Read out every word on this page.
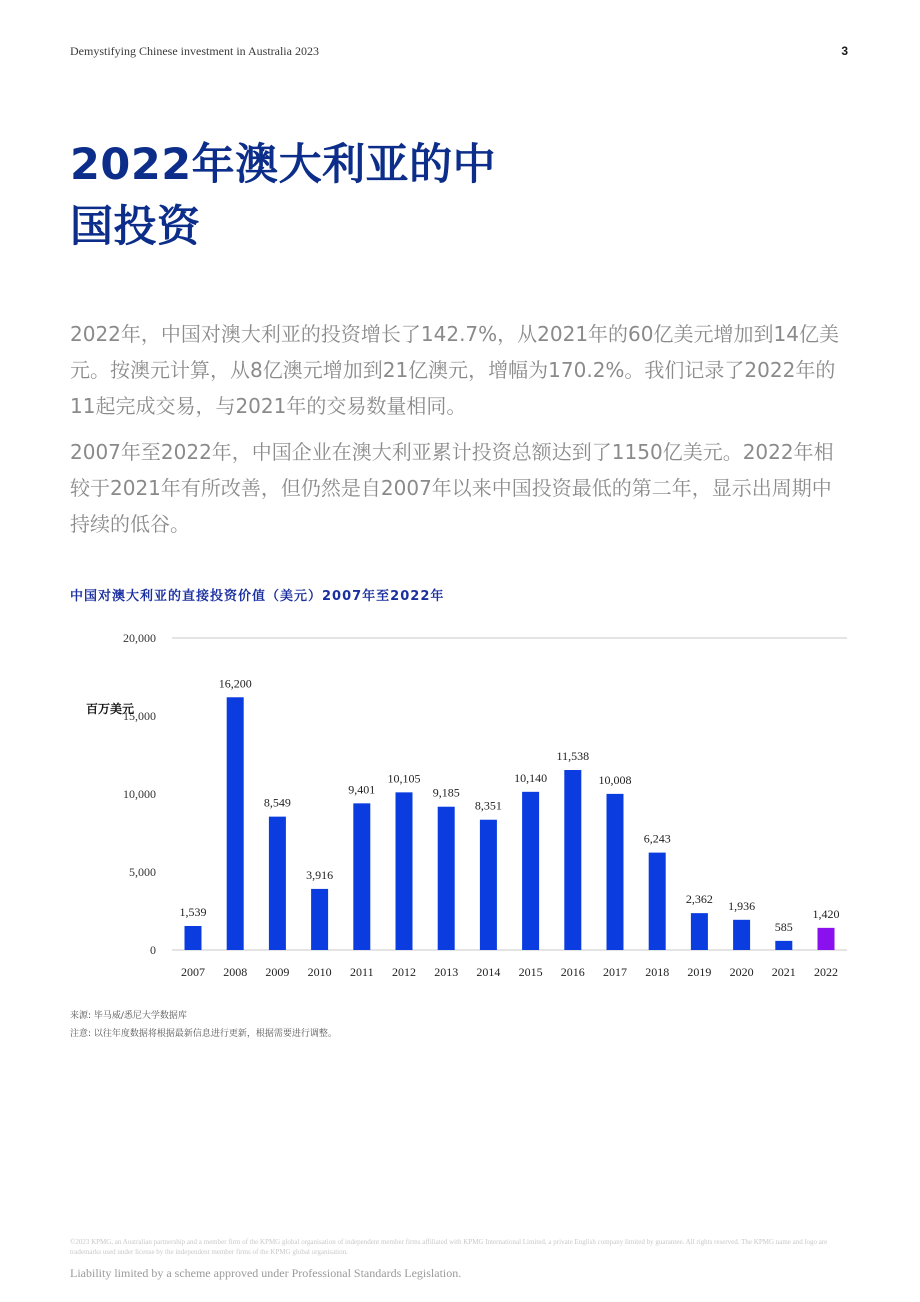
Demystifying Chinese investment in Australia 2023	3
2022年澳大利亚的中国投资
2022年，中国对澳大利亚的投资增长了142.7%，从2021年的60亿美元增加到14亿美元。按澳元计算，从8亿澳元增加到21亿澳元，增幅为170.2%。我们记录了2022年的11起完成交易，与2021年的交易数量相同。
2007年至2022年，中国企业在澳大利亚累计投资总额达到了1150亿美元。2022年相较于2021年有所改善，但仍然是自2007年以来中国投资最低的第二年，显示出周期中持续的低谷。
中国对澳大利亚的直接投资价值（美元）2007年至2022年
0
5,000
10,000
15,000
20,000
1,539
2007
16,200
2008
8,549
2009
3,916
2010
9,401
2011
10,105
2012
9,185
2013
8,351
2014
10,140
2015
11,538
2016
10,008
2017
6,243
2018
2,362
2019
1,936
2020
585
2021
1,420
2022
百万美元
来源: 毕马威/悉尼大学数据库
注意: 以往年度数据将根据最新信息进行更新，根据需要进行调整。
©2023 KPMG, an Australian partnership and a member firm of the KPMG global organisation of independent member firms affiliated with KPMG International Limited, a private English company limited by guarantee. All rights reserved. The KPMG name and logo are trademarks used under license by the independent member firms of the KPMG global organisation.
Liability limited by a scheme approved under Professional Standards Legislation.
